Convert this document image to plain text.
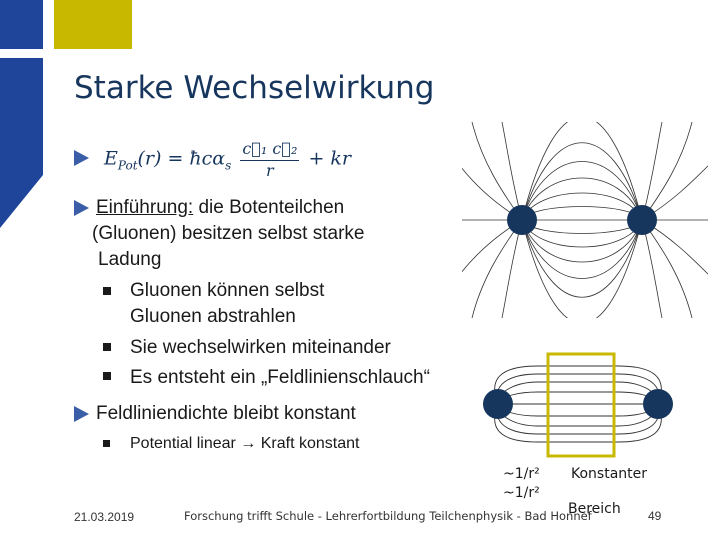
Starke Wechselwirkung
$E_{Pot}(r)$ = ħcα$_s$ $\frac{\text{c⃗₁ c⃗₂}}{r}$ + kr
Einführung: die Botenteilchen
(Gluonen) besitzen selbst starke
Ladung
Gluonen können selbst
Gluonen abstrahlen
Sie wechselwirken miteinander
Es entsteht ein „Feldlinienschlauch“
Feldliniendichte bleibt konstant
Potential linear → Kraft konstant
~1/r²
~1/r²
Konstanter
Bereich
21.03.2019	Forschung trifft Schule - Lehrerfortbildung Teilchenphysik - Bad Honnef	49
